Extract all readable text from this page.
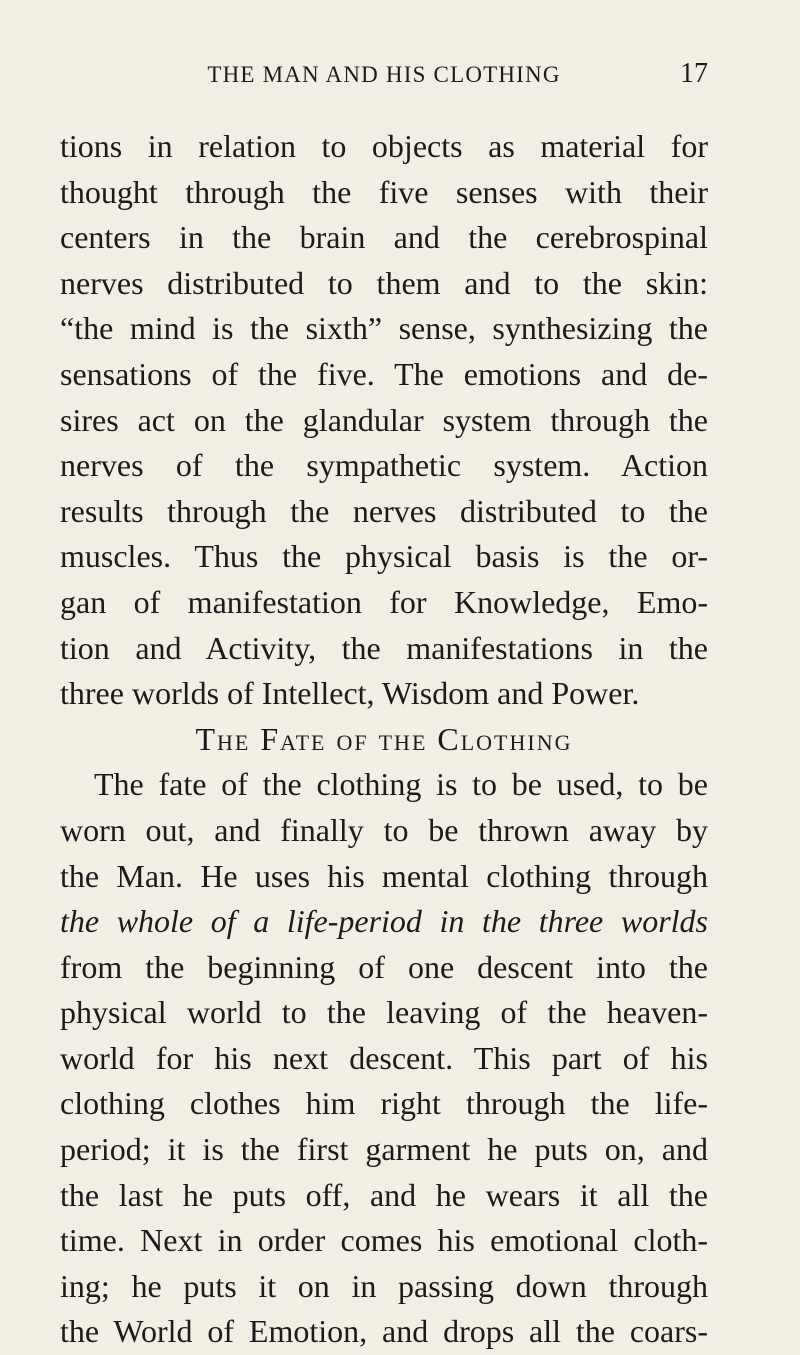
THE MAN AND HIS CLOTHING	17
tions in relation to objects as material for
thought through the five senses with their
centers in the brain and the cerebrospinal
nerves distributed to them and to the skin:
“the mind is the sixth” sense, synthesizing the
sensations of the five. The emotions and de-
sires act on the glandular system through the
nerves of the sympathetic system. Action
results through the nerves distributed to the
muscles. Thus the physical basis is the or-
gan of manifestation for Knowledge, Emo-
tion and Activity, the manifestations in the
three worlds of Intellect, Wisdom and Power.
The Fate of the Clothing
The fate of the clothing is to be used, to be
worn out, and finally to be thrown away by
the Man. He uses his mental clothing through
the whole of a life-period in the three worlds
from the beginning of one descent into the
physical world to the leaving of the heaven-
world for his next descent. This part of his
clothing clothes him right through the life-
period; it is the first garment he puts on, and
the last he puts off, and he wears it all the
time. Next in order comes his emotional cloth-
ing; he puts it on in passing down through
the World of Emotion, and drops all the coars-
